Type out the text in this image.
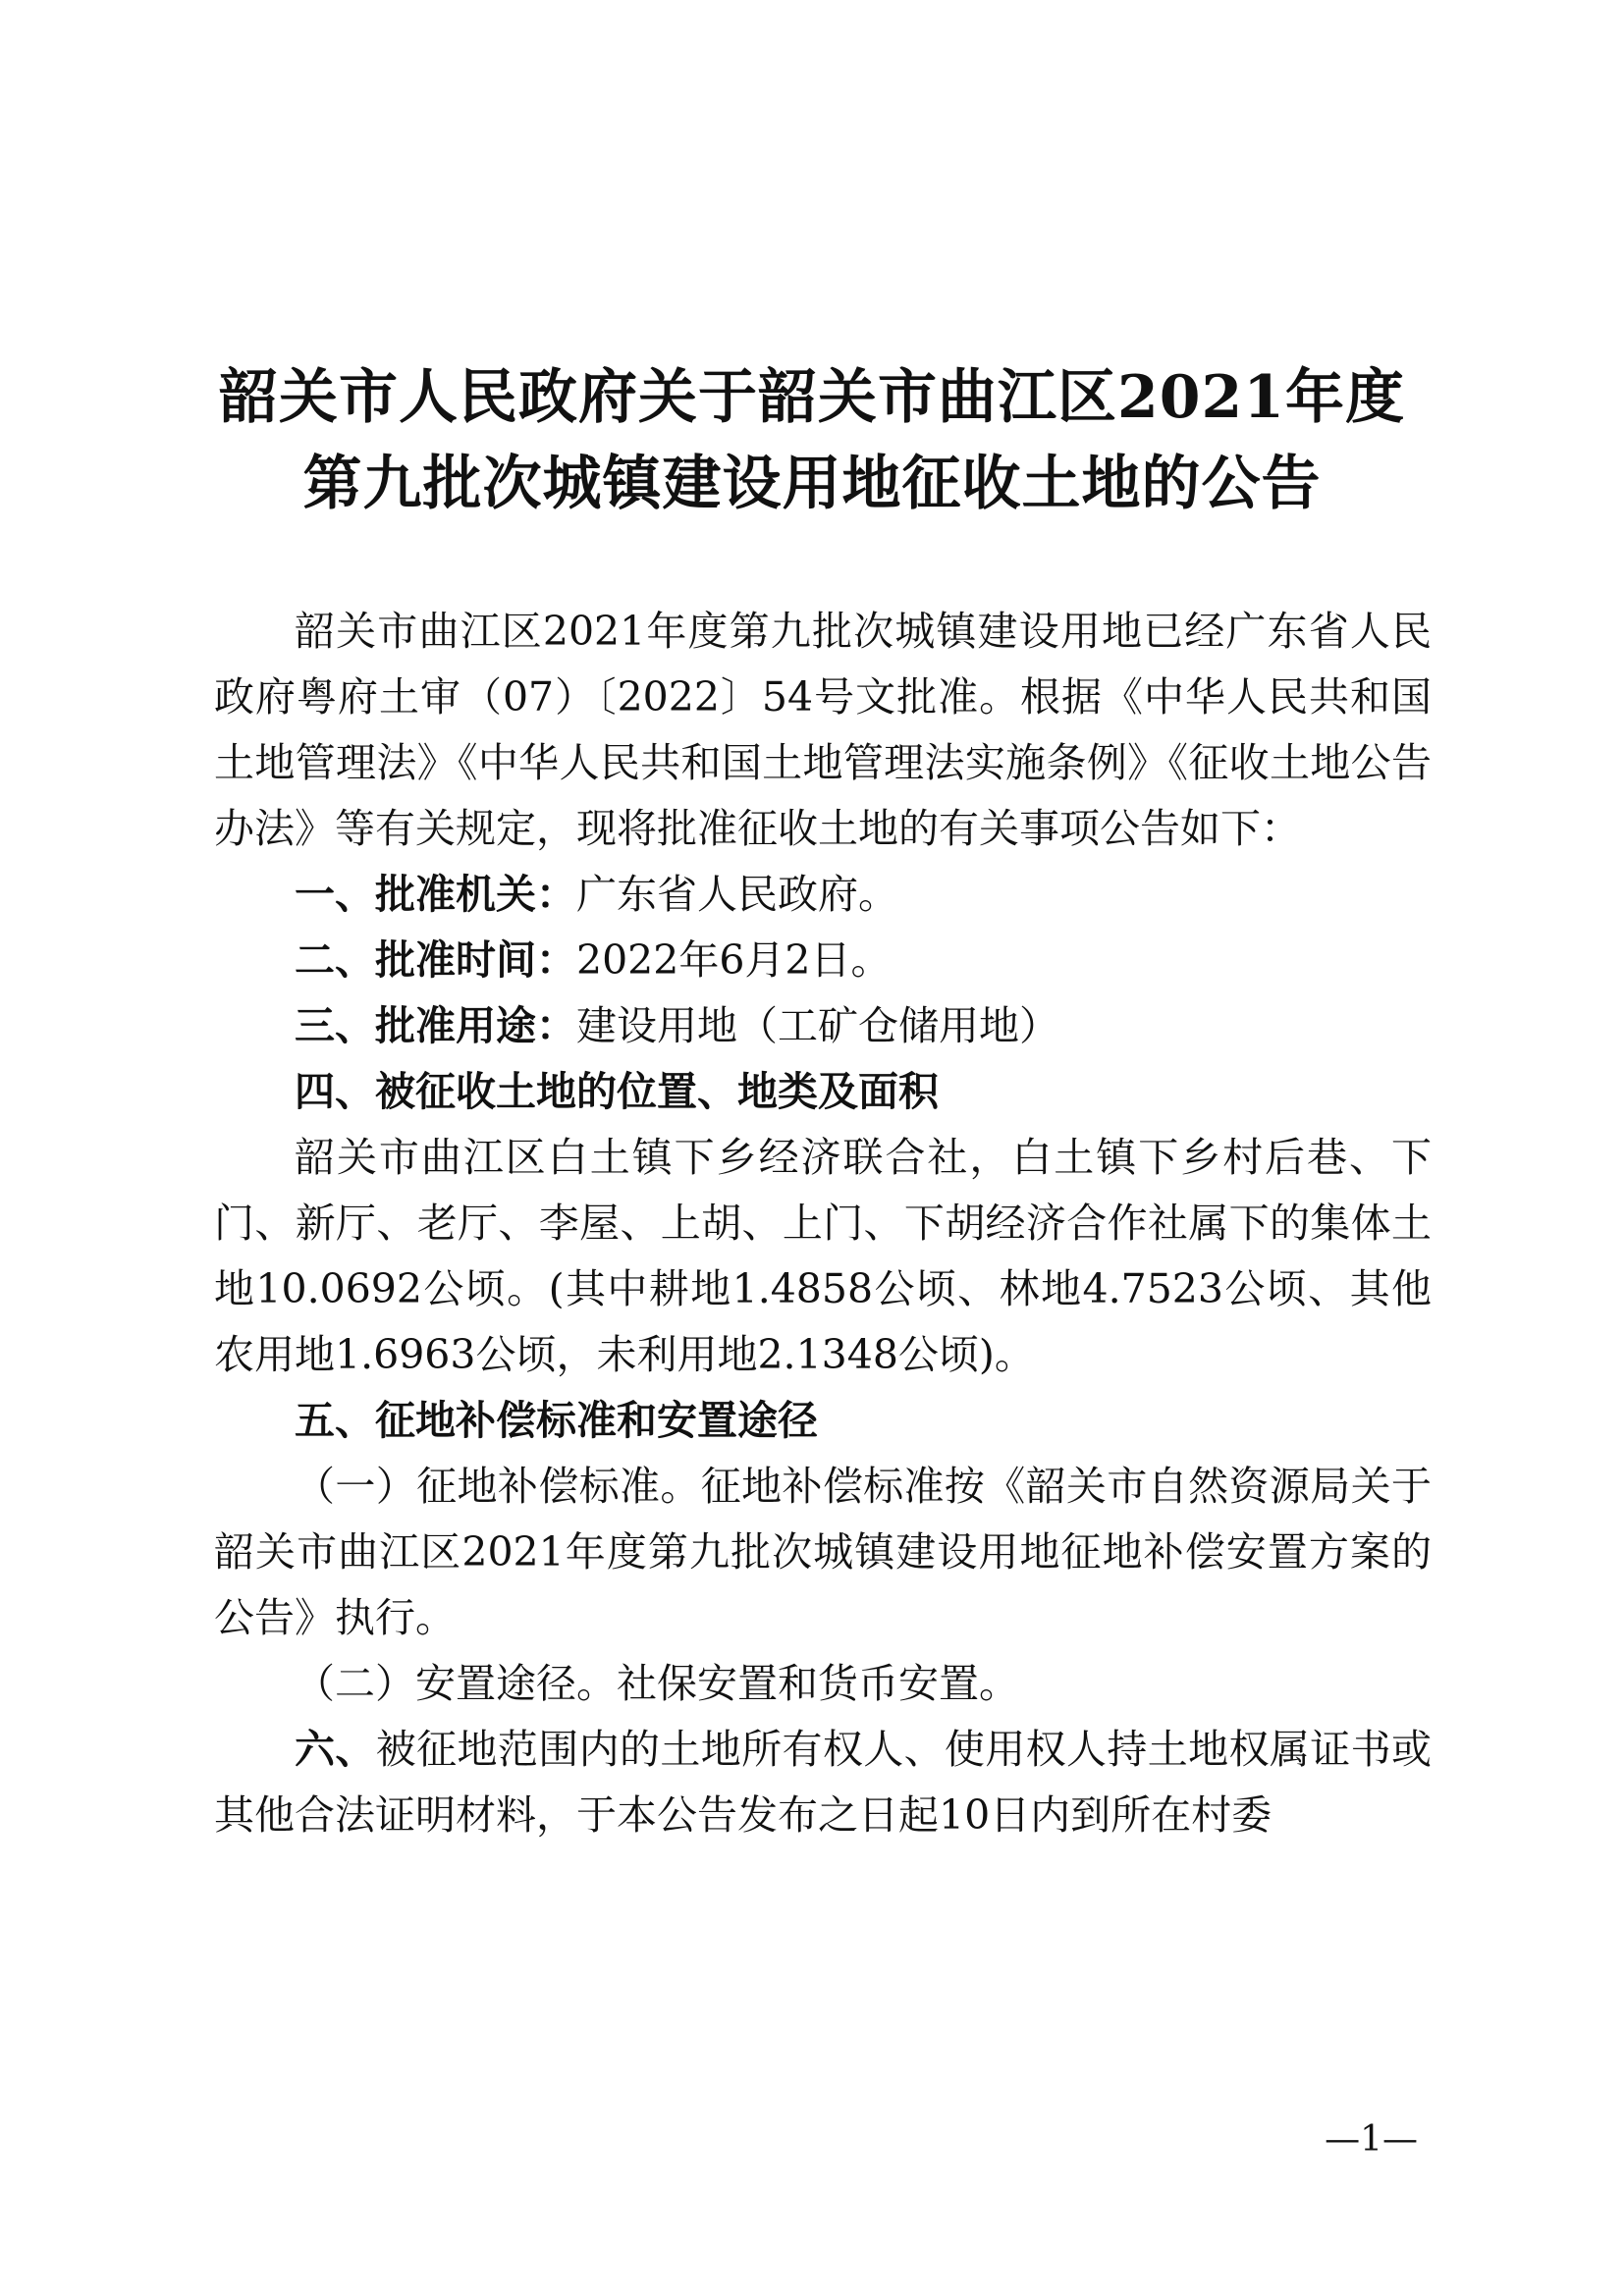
韶关市人民政府关于韶关市曲江区2021年度
第九批次城镇建设用地征收土地的公告

韶关市曲江区2021年度第九批次城镇建设用地已经广东省人民政府粤府土审（07）〔2022〕54号文批准。根据《中华人民共和国土地管理法》《中华人民共和国土地管理法实施条例》《征收土地公告办法》等有关规定，现将批准征收土地的有关事项公告如下：

一、批准机关：广东省人民政府。

二、批准时间：2022年6月2日。

三、批准用途：建设用地（工矿仓储用地）

四、被征收土地的位置、地类及面积

韶关市曲江区白土镇下乡经济联合社，白土镇下乡村后巷、下门、新厅、老厅、李屋、上胡、上门、下胡经济合作社属下的集体土地10.0692公顷。(其中耕地1.4858公顷、林地4.7523公顷、其他农用地1.6963公顷，未利用地2.1348公顷)。

五、征地补偿标准和安置途径

（一）征地补偿标准。征地补偿标准按《韶关市自然资源局关于韶关市曲江区2021年度第九批次城镇建设用地征地补偿安置方案的公告》执行。

（二）安置途径。社保安置和货币安置。

六、被征地范围内的土地所有权人、使用权人持土地权属证书或其他合法证明材料，于本公告发布之日起10日内到所在村委

—1—
